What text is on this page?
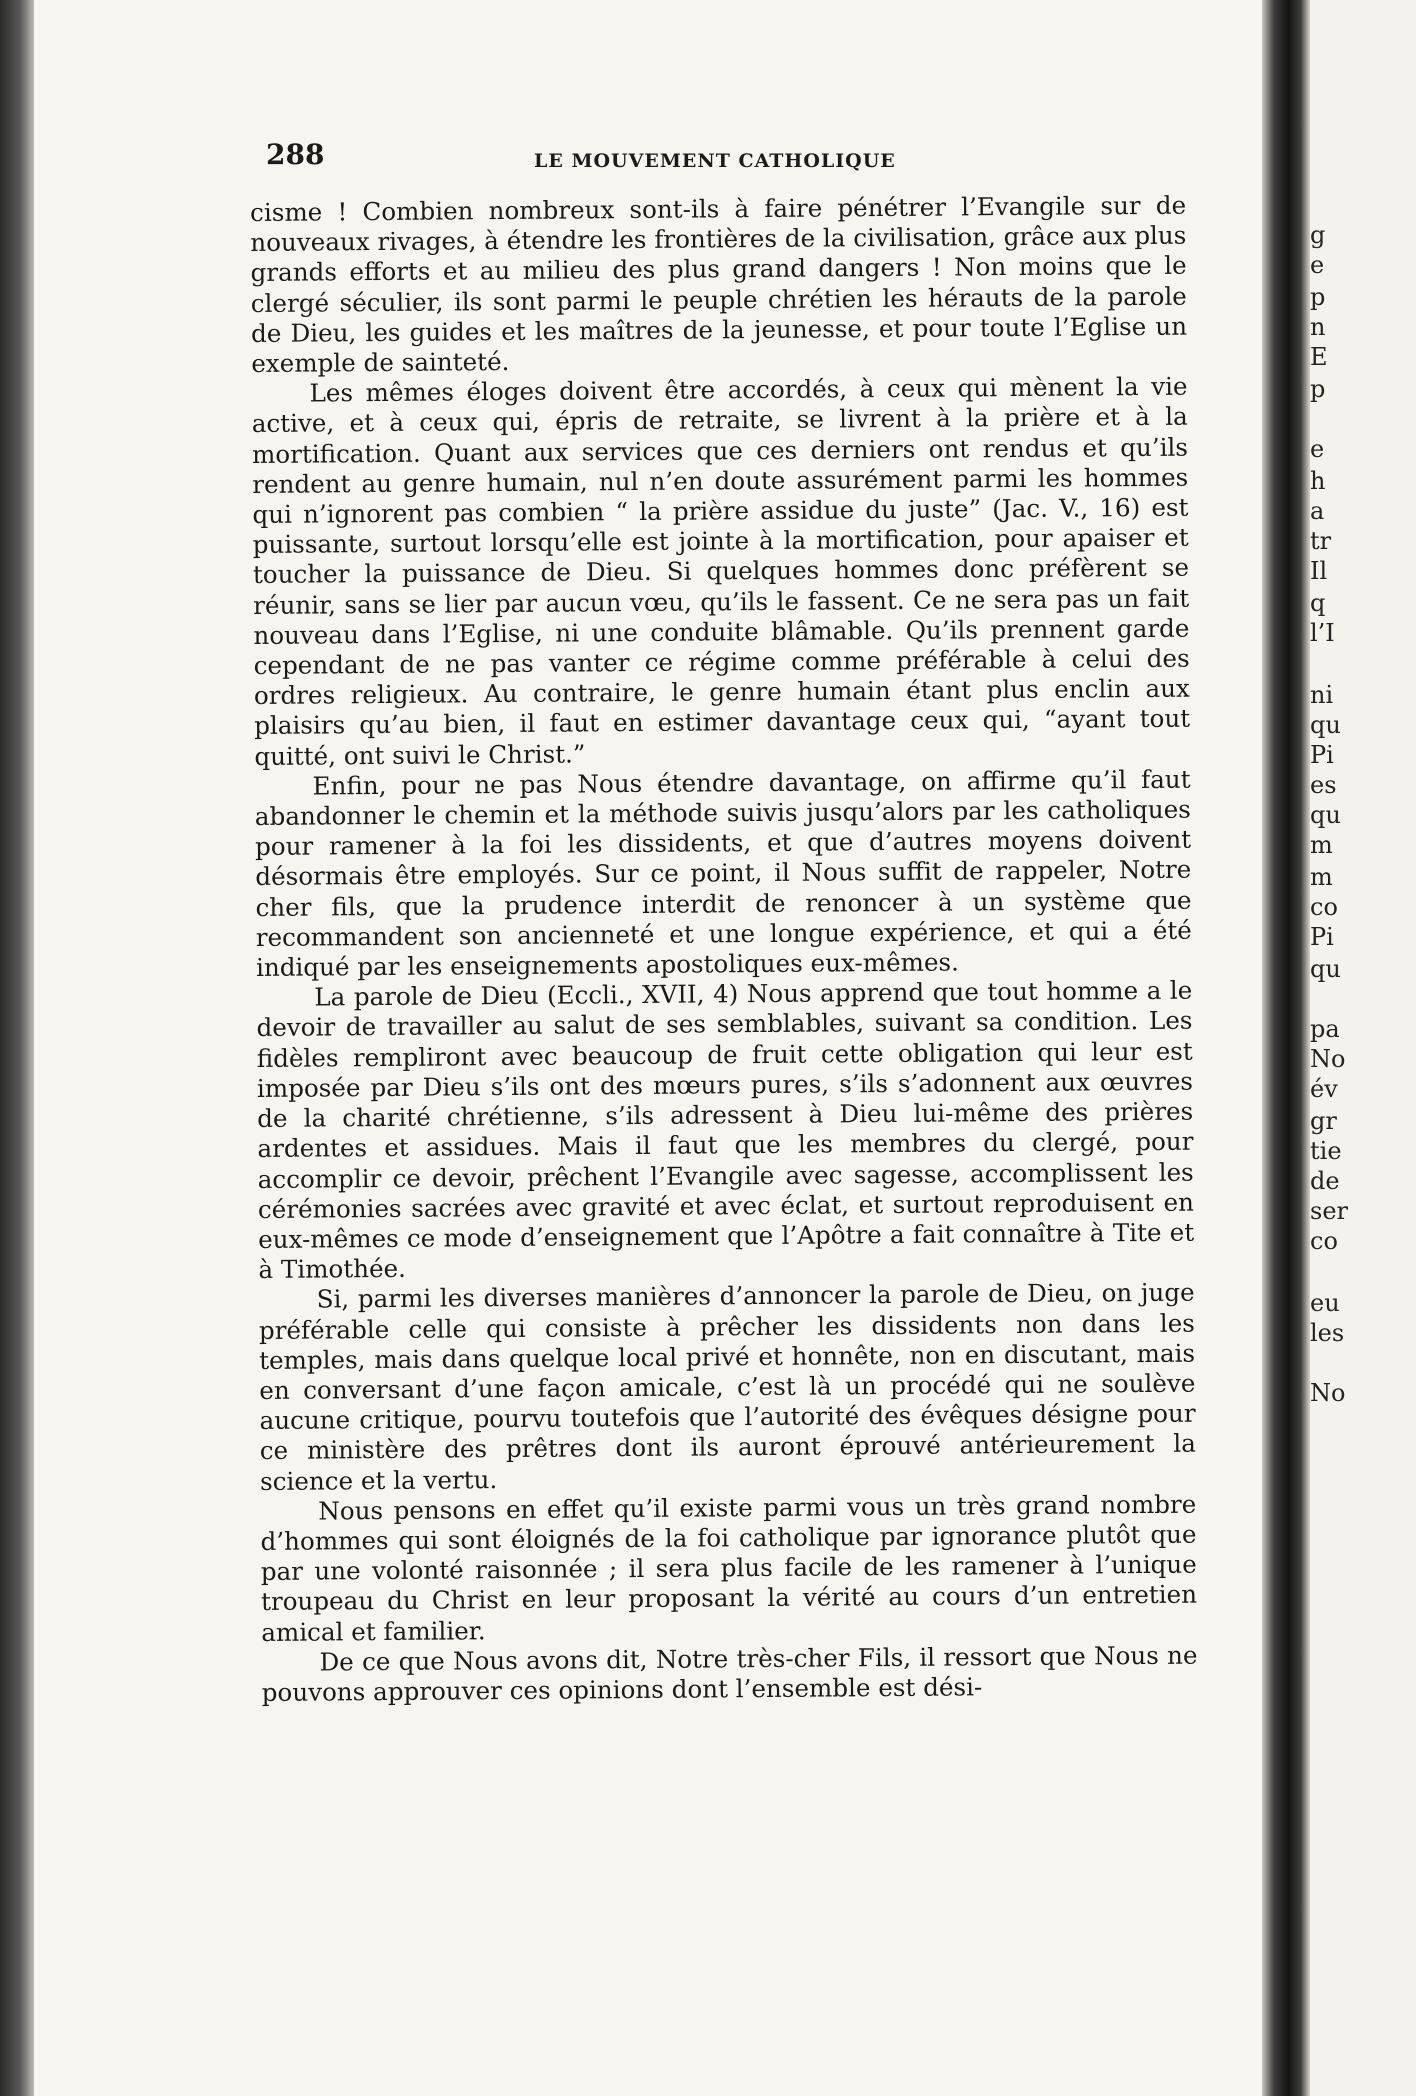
288	LE MOUVEMENT CATHOLIQUE

cisme ! Combien nombreux sont-ils à faire pénétrer l’Evangile sur de nouveaux rivages, à étendre les frontières de la civilisation, grâce aux plus grands efforts et au milieu des plus grand dangers ! Non moins que le clergé séculier, ils sont parmi le peuple chrétien les hérauts de la parole de Dieu, les guides et les maîtres de la jeunesse, et pour toute l’Eglise un exemple de sainteté.

Les mêmes éloges doivent être accordés, à ceux qui mènent la vie active, et à ceux qui, épris de retraite, se livrent à la prière et à la mortification. Quant aux services que ces derniers ont rendus et qu’ils rendent au genre humain, nul n’en doute assurément parmi les hommes qui n’ignorent pas combien “ la prière assidue du juste” (Jac. V., 16) est puissante, surtout lorsqu’elle est jointe à la mortification, pour apaiser et toucher la puissance de Dieu. Si quelques hommes donc préfèrent se réunir, sans se lier par aucun vœu, qu’ils le fassent. Ce ne sera pas un fait nouveau dans l’Eglise, ni une conduite blâmable. Qu’ils prennent garde cependant de ne pas vanter ce régime comme préférable à celui des ordres religieux. Au contraire, le genre humain étant plus enclin aux plaisirs qu’au bien, il faut en estimer davantage ceux qui, “ayant tout quitté, ont suivi le Christ.”

Enfin, pour ne pas Nous étendre davantage, on affirme qu’il faut abandonner le chemin et la méthode suivis jusqu’alors par les catholiques pour ramener à la foi les dissidents, et que d’autres moyens doivent désormais être employés. Sur ce point, il Nous suffit de rappeler, Notre cher fils, que la prudence interdit de renoncer à un système que recommandent son ancienneté et une longue expérience, et qui a été indiqué par les enseignements apostoliques eux-mêmes.

La parole de Dieu (Eccli., XVII, 4) Nous apprend que tout homme a le devoir de travailler au salut de ses semblables, suivant sa condition. Les fidèles rempliront avec beaucoup de fruit cette obligation qui leur est imposée par Dieu s’ils ont des mœurs pures, s’ils s’adonnent aux œuvres de la charité chrétienne, s’ils adressent à Dieu lui-même des prières ardentes et assidues. Mais il faut que les membres du clergé, pour accomplir ce devoir, prêchent l’Evangile avec sagesse, accomplissent les cérémonies sacrées avec gravité et avec éclat, et surtout reproduisent en eux-mêmes ce mode d’enseignement que l’Apôtre a fait connaître à Tite et à Timothée.

Si, parmi les diverses manières d’annoncer la parole de Dieu, on juge préférable celle qui consiste à prêcher les dissidents non dans les temples, mais dans quelque local privé et honnête, non en discutant, mais en conversant d’une façon amicale, c’est là un procédé qui ne soulève aucune critique, pourvu toutefois que l’autorité des évêques désigne pour ce ministère des prêtres dont ils auront éprouvé antérieurement la science et la vertu.

Nous pensons en effet qu’il existe parmi vous un très grand nombre d’hommes qui sont éloignés de la foi catholique par ignorance plutôt que par une volonté raisonnée ; il sera plus facile de les ramener à l’unique troupeau du Christ en leur proposant la vérité au cours d’un entretien amical et familier.

De ce que Nous avons dit, Notre très-cher Fils, il ressort que Nous ne pouvons approuver ces opinions dont l’ensemble est dési-

g
e
p
n
E
p
e
h
a
tr
Il
q
l’I
ni
qu
Pi
es
qu
m
m
co
Pi
qu
pa
No
év
gr
tie
de
ser
co
eu
les
No
